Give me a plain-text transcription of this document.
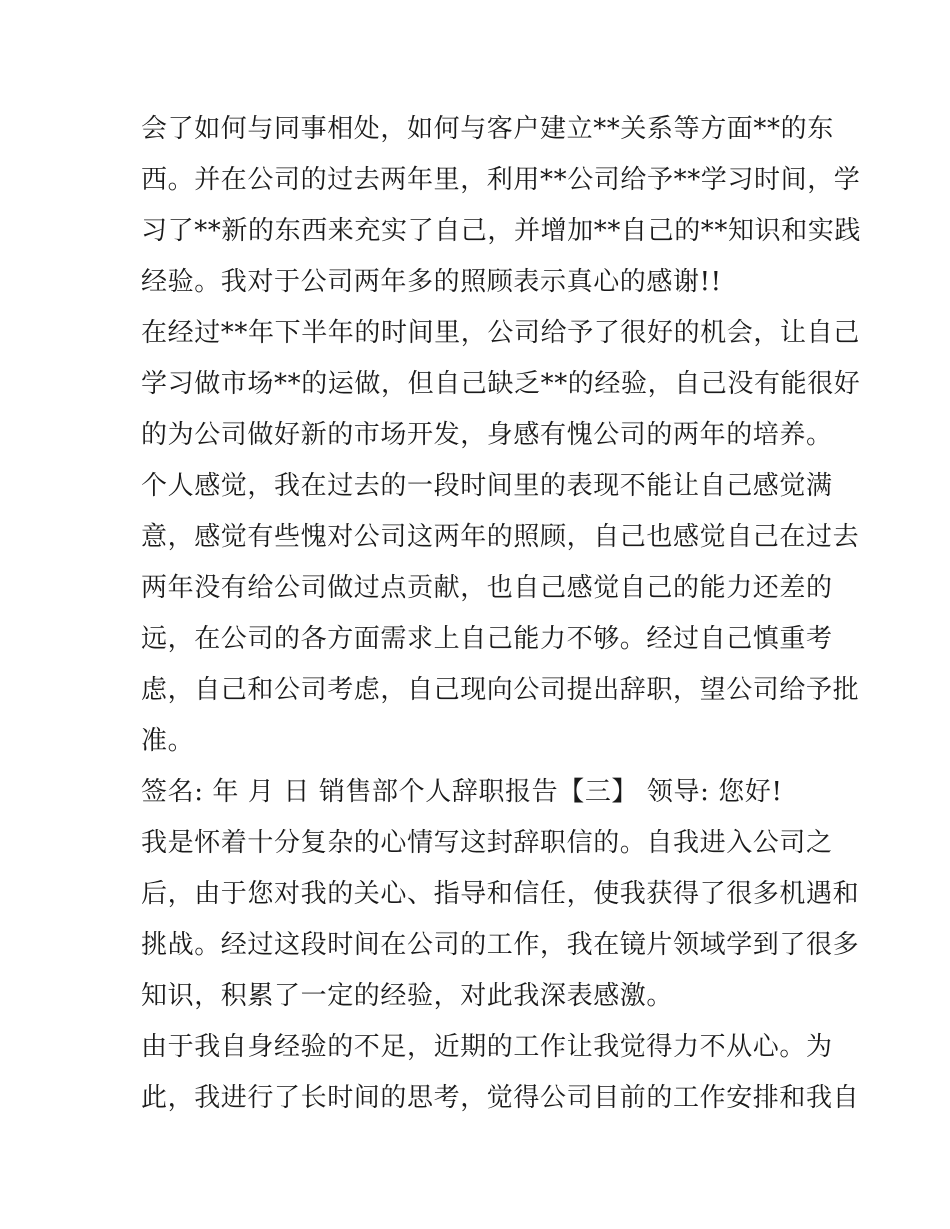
会了如何与同事相处，如何与客户建立**关系等方面**的东
西。并在公司的过去两年里，利用**公司给予**学习时间，学
习了**新的东西来充实了自己，并增加**自己的**知识和实践
经验。我对于公司两年多的照顾表示真心的感谢!!
在经过**年下半年的时间里，公司给予了很好的机会，让自己
学习做市场**的运做，但自己缺乏**的经验，自己没有能很好
的为公司做好新的市场开发，身感有愧公司的两年的培养。
个人感觉，我在过去的一段时间里的表现不能让自己感觉满
意，感觉有些愧对公司这两年的照顾，自己也感觉自己在过去
两年没有给公司做过点贡献，也自己感觉自己的能力还差的
远，在公司的各方面需求上自己能力不够。经过自己慎重考
虑，自己和公司考虑，自己现向公司提出辞职，望公司给予批
准。
签名: 年 月 日 销售部个人辞职报告【三】 领导: 您好!
我是怀着十分复杂的心情写这封辞职信的。自我进入公司之
后，由于您对我的关心、指导和信任，使我获得了很多机遇和
挑战。经过这段时间在公司的工作，我在镜片领域学到了很多
知识，积累了一定的经验，对此我深表感激。
由于我自身经验的不足，近期的工作让我觉得力不从心。为
此，我进行了长时间的思考，觉得公司目前的工作安排和我自
